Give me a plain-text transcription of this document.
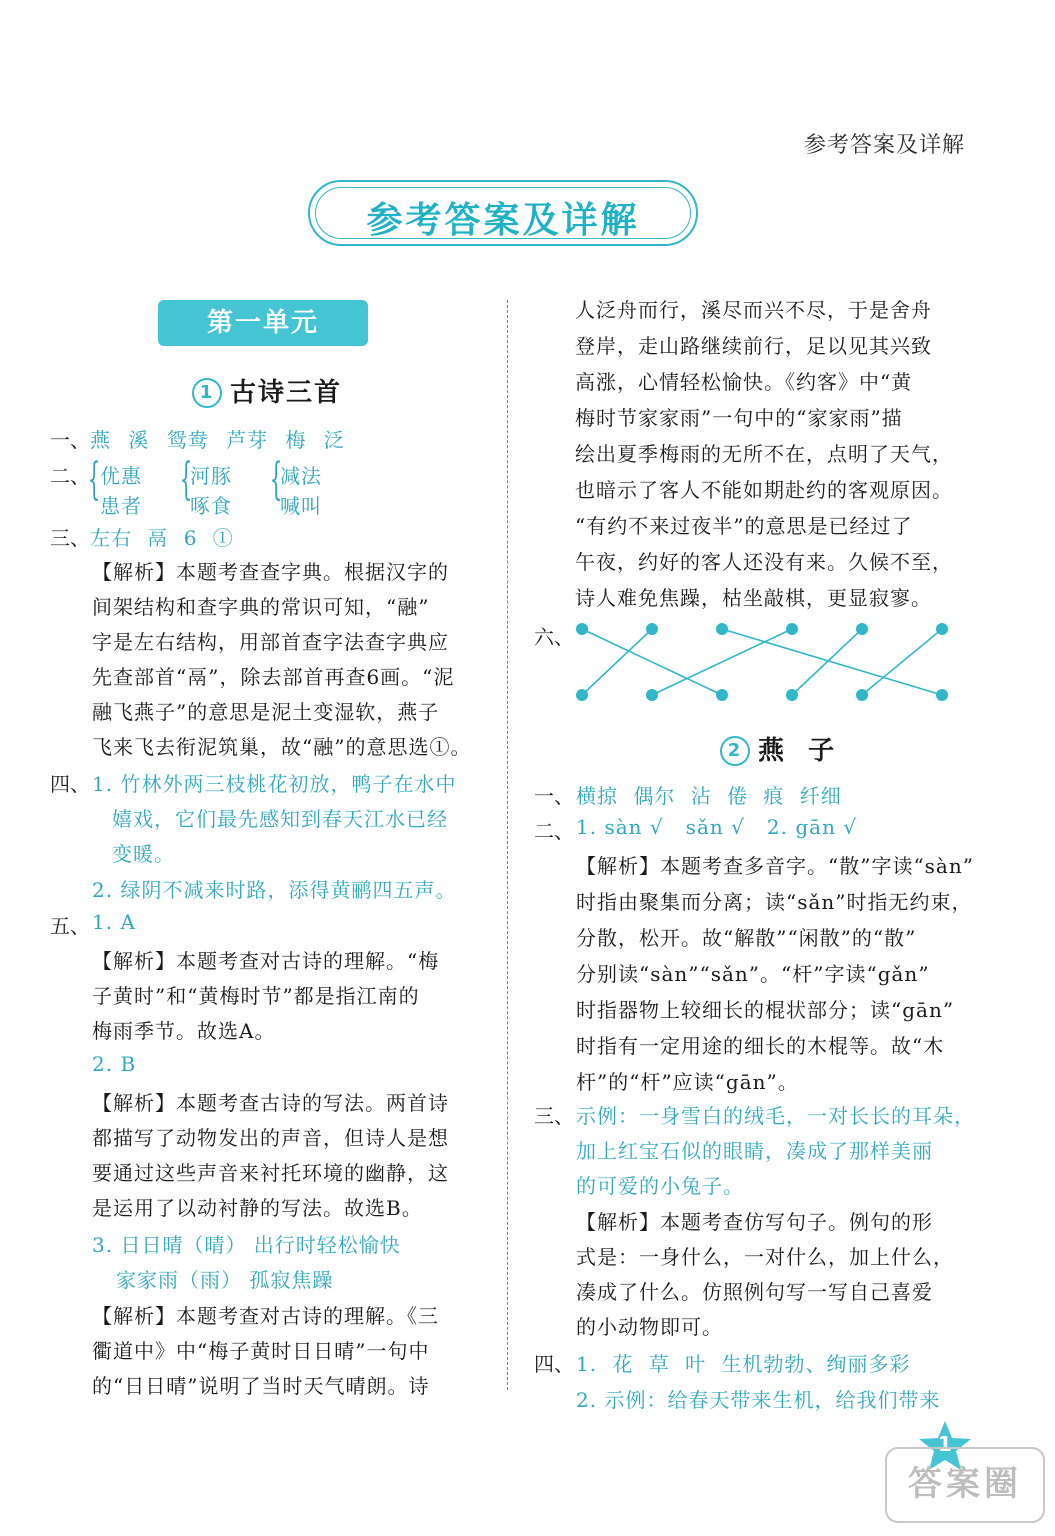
参考答案及详解
参考答案及详解
第一单元
1 古诗三首
一、 燕 溪 鸳鸯 芦芽 梅 泛
二、
{ 优惠
患者
{
河豚
啄食
{
减法
喊叫
三、 左右 鬲 6 ①
【解析】本题考查查字典。根据汉字的
间架结构和查字典的常识可知，“融”
字是左右结构，用部首查字法查字典应
先查部首“鬲”，除去部首再查6画。“泥
融飞燕子”的意思是泥土变湿软，燕子
飞来飞去衔泥筑巢，故“融”的意思选①。
四、 1. 竹林外两三枝桃花初放，鸭子在水中
嬉戏，它们最先感知到春天江水已经
变暖。
2. 绿阴不减来时路，添得黄鹂四五声。
五、 1. A
【解析】本题考查对古诗的理解。“梅
子黄时”和“黄梅时节”都是指江南的
梅雨季节。故选A。
2. B
【解析】本题考查古诗的写法。两首诗
都描写了动物发出的声音，但诗人是想
要通过这些声音来衬托环境的幽静，这
是运用了以动衬静的写法。故选B。
3. 日日晴（晴） 出行时轻松愉快
家家雨（雨） 孤寂焦躁
【解析】本题考查对古诗的理解。《三
衢道中》中“梅子黄时日日晴”一句中
的“日日晴”说明了当时天气晴朗。诗
人泛舟而行，溪尽而兴不尽，于是舍舟
登岸，走山路继续前行，足以见其兴致
高涨，心情轻松愉快。《约客》中“黄
梅时节家家雨”一句中的“家家雨”描
绘出夏季梅雨的无所不在，点明了天气，
也暗示了客人不能如期赴约的客观原因。
“有约不来过夜半”的意思是已经过了
午夜，约好的客人还没有来。久候不至，
诗人难免焦躁，枯坐敲棋，更显寂寥。
六、
2 燕  子
一、 横掠 偶尔 沾 倦 痕 纤细
二、 1. sàn √   sǎn √   2. gān √
【解析】本题考查多音字。“散”字读“sàn”
时指由聚集而分离；读“sǎn”时指无约束，
分散，松开。故“解散”“闲散”的“散”
分别读“sàn”“sǎn”。“杆”字读“gǎn”
时指器物上较细长的棍状部分；读“gān”
时指有一定用途的细长的木棍等。故“木
杆”的“杆”应读“gān”。
三、 示例：一身雪白的绒毛，一对长长的耳朵，
加上红宝石似的眼睛，凑成了那样美丽
的可爱的小兔子。
【解析】本题考查仿写句子。例句的形
式是：一身什么，一对什么，加上什么，
凑成了什么。仿照例句写一写自己喜爱
的小动物即可。
四、 1. 花 草 叶 生机勃勃、绚丽多彩
2. 示例：给春天带来生机，给我们带来
1
答案圈
